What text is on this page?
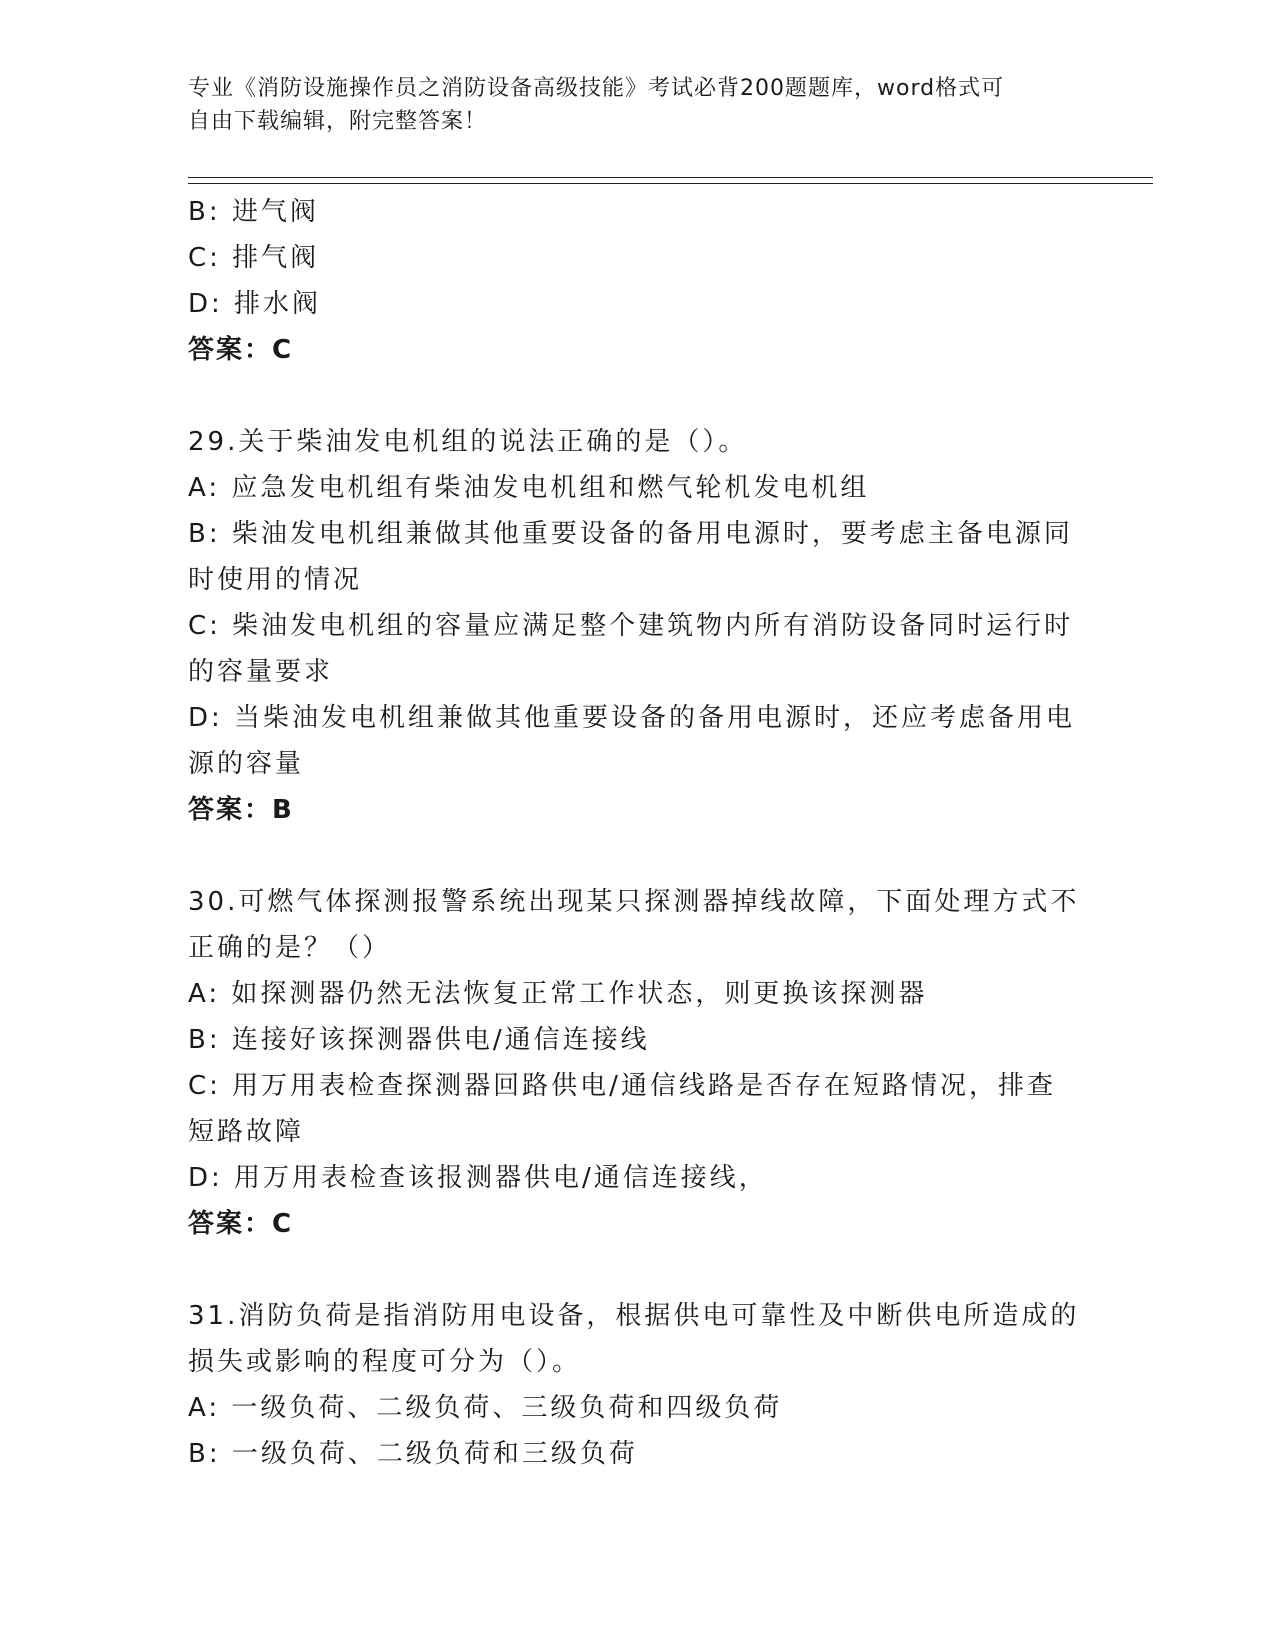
专业《消防设施操作员之消防设备高级技能》考试必背200题题库，word格式可
自由下载编辑，附完整答案！
B: 进气阀
C: 排气阀
D: 排水阀
答案：C
29.关于柴油发电机组的说法正确的是（）。
A: 应急发电机组有柴油发电机组和燃气轮机发电机组
B: 柴油发电机组兼做其他重要设备的备用电源时，要考虑主备电源同
时使用的情况
C: 柴油发电机组的容量应满足整个建筑物内所有消防设备同时运行时
的容量要求
D: 当柴油发电机组兼做其他重要设备的备用电源时，还应考虑备用电
源的容量
答案：B
30.可燃气体探测报警系统出现某只探测器掉线故障，下面处理方式不
正确的是？（）
A: 如探测器仍然无法恢复正常工作状态，则更换该探测器
B: 连接好该探测器供电/通信连接线
C: 用万用表检查探测器回路供电/通信线路是否存在短路情况，排查
短路故障
D: 用万用表检查该报测器供电/通信连接线，
答案：C
31.消防负荷是指消防用电设备，根据供电可靠性及中断供电所造成的
损失或影响的程度可分为（）。
A: 一级负荷、二级负荷、三级负荷和四级负荷
B: 一级负荷、二级负荷和三级负荷
